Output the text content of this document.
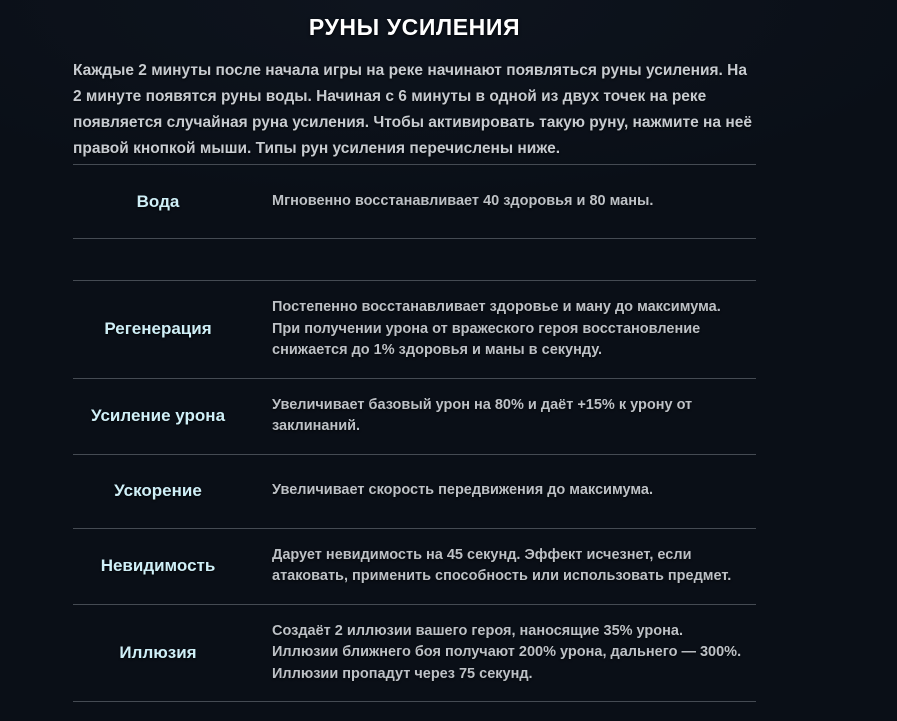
РУНЫ УСИЛЕНИЯ

Каждые 2 минуты после начала игры на реке начинают появляться руны усиления. На 2 минуте появятся руны воды. Начиная с 6 минуты в одной из двух точек на реке появляется случайная руна усиления. Чтобы активировать такую руну, нажмите на неё правой кнопкой мыши. Типы рун усиления перечислены ниже.

Вода	Мгновенно восстанавливает 40 здоровья и 80 маны.
Регенерация
Постепенно восстанавливает здоровье и ману до максимума. При получении урона от вражеского героя восстановление снижается до 1% здоровья и маны в секунду.
Усиление урона
Увеличивает базовый урон на 80% и даёт +15% к урону от заклинаний.
Ускорение	Увеличивает скорость передвижения до максимума.
Невидимость
Дарует невидимость на 45 секунд. Эффект исчезнет, если атаковать, применить способность или использовать предмет.
Иллюзия
Создаёт 2 иллюзии вашего героя, наносящие 35% урона. Иллюзии ближнего боя получают 200% урона, дальнего — 300%. Иллюзии пропадут через 75 секунд.
